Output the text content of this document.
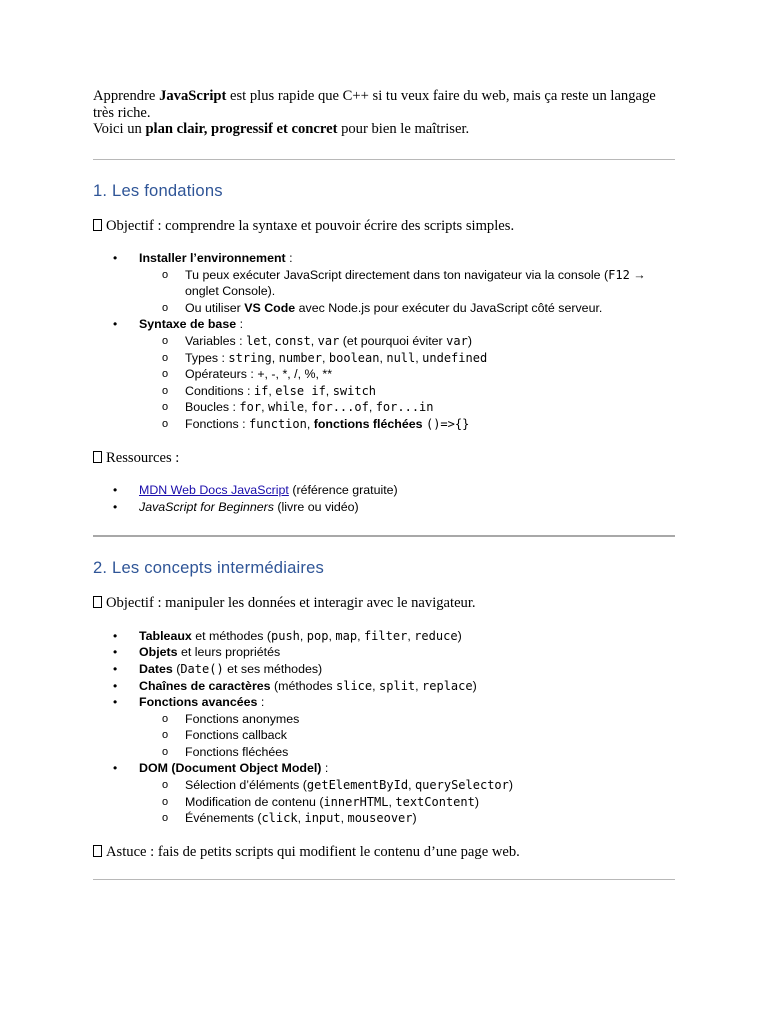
Apprendre JavaScript est plus rapide que C++ si tu veux faire du web, mais ça reste un langage très riche.

Voici un plan clair, progressif et concret pour bien le maîtriser.

1. Les fondations

Objectif : comprendre la syntaxe et pouvoir écrire des scripts simples.

• Installer l’environnement :
o Tu peux exécuter JavaScript directement dans ton navigateur via la console (F12 → onglet Console).
o Ou utiliser VS Code avec Node.js pour exécuter du JavaScript côté serveur.
• Syntaxe de base :
o Variables : let, const, var (et pourquoi éviter var)
o Types : string, number, boolean, null, undefined
o Opérateurs : +, -, *, /, %, **
o Conditions : if, else if, switch
o Boucles : for, while, for...of, for...in
o Fonctions : function, fonctions fléchées ()=>{}

Ressources :

• MDN Web Docs JavaScript (référence gratuite)
• JavaScript for Beginners (livre ou vidéo)
2. Les concepts intermédiaires

Objectif : manipuler les données et interagir avec le navigateur.

• Tableaux et méthodes (push, pop, map, filter, reduce)
• Objets et leurs propriétés
• Dates (Date() et ses méthodes)
• Chaînes de caractères (méthodes slice, split, replace)
• Fonctions avancées :
o Fonctions anonymes
o Fonctions callback
o Fonctions fléchées
• DOM (Document Object Model) :
o Sélection d’éléments (getElementById, querySelector)
o Modification de contenu (innerHTML, textContent)
o Événements (click, input, mouseover)

Astuce : fais de petits scripts qui modifient le contenu d’une page web.
